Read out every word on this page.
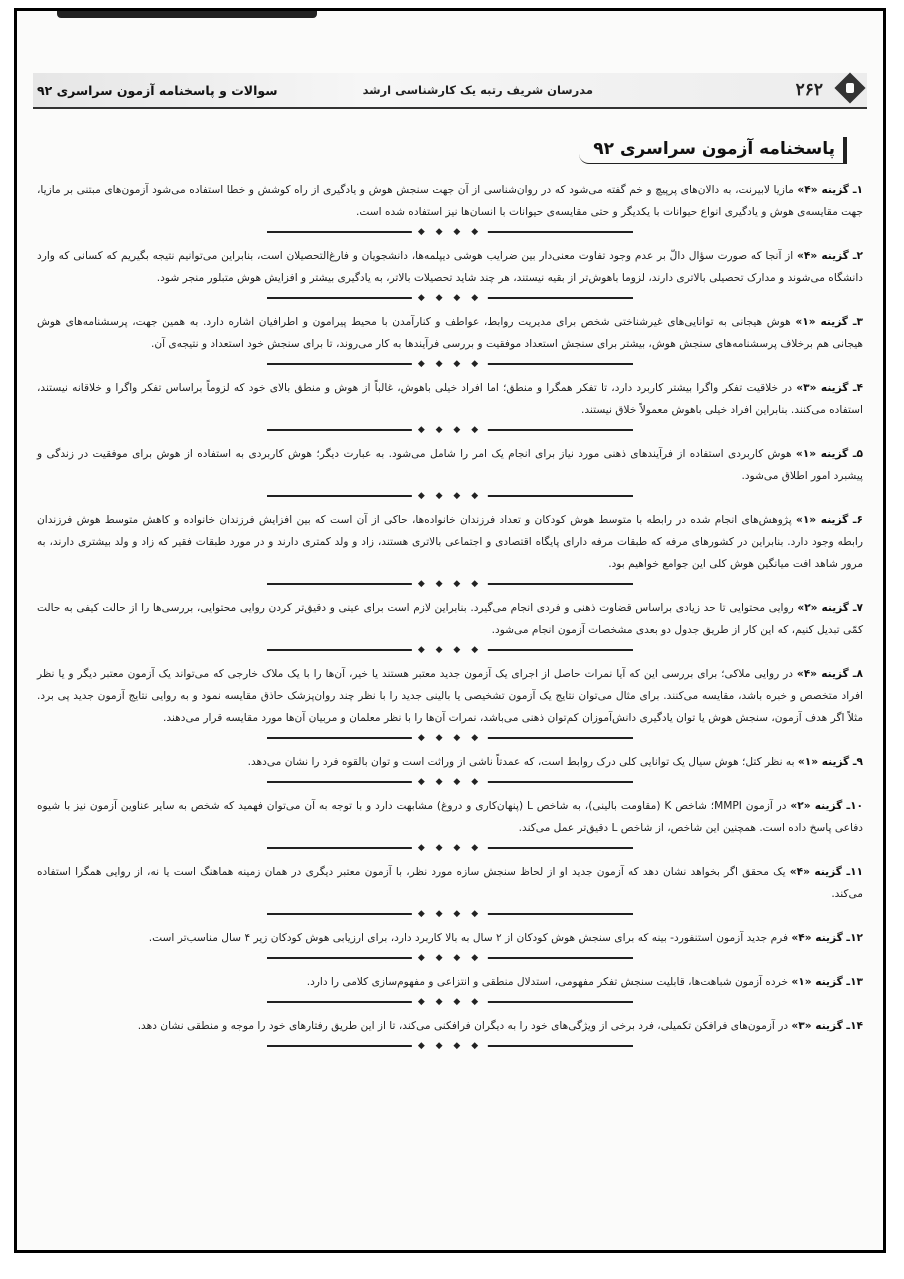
۲۶۲
مدرسان شریف رتبه یک کارشناسی ارشد
سوالات و پاسخنامه آزمون سراسری ۹۲
پاسخنامه آزمون سراسری ۹۲

۱ـ گزینه «۴» مازیا لابیرنت، به دالان‌های پرپیچ و خم گفته می‌شود که در روان‌شناسی از آن جهت سنجش هوش و یادگیری از راه کوشش و خطا استفاده می‌شود آزمون‌های مبتنی بر مازیا، جهت مقایسه‌ی هوش و یادگیری انواع حیوانات با یکدیگر و حتی مقایسه‌ی حیوانات با انسان‌ها نیز استفاده شده است.

◆ ◆ ◆ ◆

۲ـ گزینه «۴» از آنجا که صورت سؤال دالّ بر عدم وجود تفاوت معنی‌دار بین ضرایب هوشی دیپلمه‌ها، دانشجویان و فارغ‌التحصیلان است، بنابراین می‌توانیم نتیجه بگیریم که کسانی که وارد دانشگاه می‌شوند و مدارک تحصیلی بالاتری دارند، لزوما باهوش‌تر از بقیه نیستند، هر چند شاید تحصیلات بالاتر، به یادگیری بیشتر و افزایش هوش متبلور منجر شود.

◆ ◆ ◆ ◆

۳ـ گزینه «۱» هوش هیجانی به توانایی‌های غیرشناختی شخص برای مدیریت روابط، عواطف و کنارآمدن با محیط پیرامون و اطرافیان اشاره دارد. به همین جهت، پرسشنامه‌های هوش هیجانی هم برخلاف پرسشنامه‌های سنجش هوش، بیشتر برای سنجش استعداد موفقیت و بررسی فرآیندها به کار می‌روند، تا برای سنجش خود استعداد و نتیجه‌ی آن.

◆ ◆ ◆ ◆

۴ـ گزینه «۳» در خلاقیت تفکر واگرا بیشتر کاربرد دارد، تا تفکر همگرا و منطق؛ اما افراد خیلی باهوش، غالباً از هوش و منطق بالای خود که لزوماً براساس تفکر واگرا و خلاقانه نیستند، استفاده می‌کنند. بنابراین افراد خیلی باهوش معمولاً خلاق نیستند.

◆ ◆ ◆ ◆

۵ـ گزینه «۱» هوش کاربردی استفاده از فرآیندهای ذهنی مورد نیاز برای انجام یک امر را شامل می‌شود. به عبارت دیگر؛ هوش کاربردی به استفاده از هوش برای موفقیت در زندگی و پیشبرد امور اطلاق می‌شود.

◆ ◆ ◆ ◆

۶ـ گزینه «۱» پژوهش‌های انجام شده در رابطه با متوسط هوش کودکان و تعداد فرزندان خانواده‌ها، حاکی از آن است که بین افزایش فرزندان خانواده و کاهش متوسط هوش فرزندان رابطه وجود دارد. بنابراین در کشورهای مرفه که طبقات مرفه دارای پایگاه اقتصادی و اجتماعی بالاتری هستند، زاد و ولد کمتری دارند و در مورد طبقات فقیر که زاد و ولد بیشتری دارند، به مرور شاهد افت میانگین هوش کلی این جوامع خواهیم بود.

◆ ◆ ◆ ◆

۷ـ گزینه «۲» روایی محتوایی تا حد زیادی براساس قضاوت ذهنی و فردی انجام می‌گیرد. بنابراین لازم است برای عینی و دقیق‌تر کردن روایی محتوایی، بررسی‌ها را از حالت کیفی به حالت کمّی تبدیل کنیم، که این کار از طریق جدول دو بعدی مشخصات آزمون انجام می‌شود.

◆ ◆ ◆ ◆

۸ـ گزینه «۴» در روایی ملاکی؛ برای بررسی این که آیا نمرات حاصل از اجرای یک آزمون جدید معتبر هستند یا خیر، آن‌ها را با یک ملاک خارجی که می‌تواند یک آزمون معتبر دیگر و یا نظر افراد متخصص و خبره باشد، مقایسه می‌کنند. برای مثال می‌توان نتایج یک آزمون تشخیصی یا بالینی جدید را با نظر چند روان‌پزشک حاذق مقایسه نمود و به روایی نتایج آزمون جدید پی برد. مثلاً اگر هدف آزمون، سنجش هوش یا توان یادگیری دانش‌آموزان کم‌توان ذهنی می‌باشد، نمرات آن‌ها را با نظر معلمان و مربیان آن‌ها مورد مقایسه قرار می‌دهند.

◆ ◆ ◆ ◆

۹ـ گزینه «۱» به نظر کتل؛ هوش سیال یک توانایی کلی درک روابط است، که عمدتاً ناشی از وراثت است و توان بالقوه فرد را نشان می‌دهد.

◆ ◆ ◆ ◆

۱۰ـ گزینه «۲» در آزمون MMPI؛ شاخص K (مقاومت بالینی)، به شاخص L (پنهان‌کاری و دروغ) مشابهت دارد و با توجه به آن می‌توان فهمید که شخص به سایر عناوین آزمون نیز با شیوه دفاعی پاسخ داده است. همچنین این شاخص، از شاخص L دقیق‌تر عمل می‌کند.

◆ ◆ ◆ ◆

۱۱ـ گزینه «۴» یک محقق اگر بخواهد نشان دهد که آزمون جدید او از لحاظ سنجش سازه مورد نظر، با آزمون معتبر دیگری در همان زمینه هماهنگ است یا نه، از روایی همگرا استفاده می‌کند.

◆ ◆ ◆ ◆

۱۲ـ گزینه «۴» فرم جدید آزمون استنفورد- بینه که برای سنجش هوش کودکان از ۲ سال به بالا کاربرد دارد، برای ارزیابی هوش کودکان زیر ۴ سال مناسب‌تر است.

◆ ◆ ◆ ◆

۱۳ـ گزینه «۱» خرده آزمون شباهت‌ها، قابلیت سنجش تفکر مفهومی، استدلال منطقی و انتزاعی و مفهوم‌سازی کلامی را دارد.

◆ ◆ ◆ ◆

۱۴ـ گزینه «۳» در آزمون‌های فرافکن تکمیلی، فرد برخی از ویژگی‌های خود را به دیگران فرافکنی می‌کند، تا از این طریق رفتارهای خود را موجه و منطقی نشان دهد.

◆ ◆ ◆ ◆
